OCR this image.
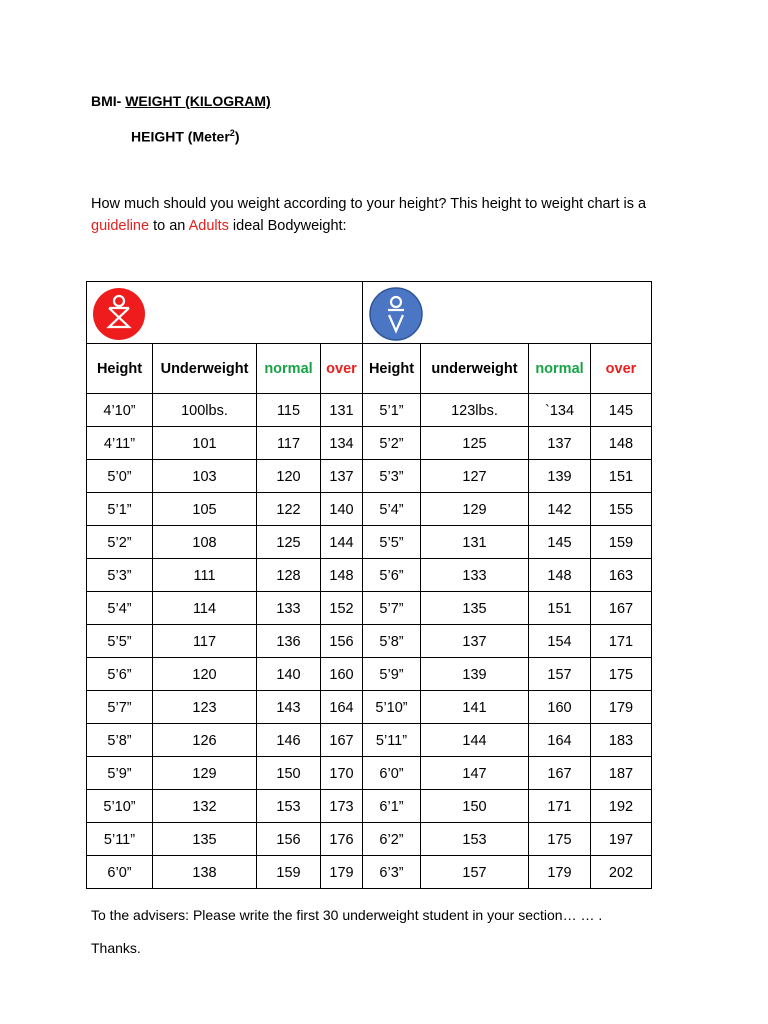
BMI- WEIGHT (KILOGRAM)
HEIGHT (Meter$^2$)
How much should you weight according to your height? This height to weight chart is a
guideline to an Adults ideal Bodyweight:

Height	Underweight	normal	over	Height	underweight	normal	over
4’10”	100lbs.	115	131	5’1”	123lbs.	`134	145
4’11”	101	117	134	5’2”	125	137	148
5’0”	103	120	137	5’3”	127	139	151
5’1”	105	122	140	5’4”	129	142	155
5’2”	108	125	144	5’5”	131	145	159
5’3”	111	128	148	5’6”	133	148	163
5’4”	114	133	152	5’7”	135	151	167
5’5”	117	136	156	5’8”	137	154	171
5’6”	120	140	160	5’9”	139	157	175
5’7”	123	143	164	5’10”	141	160	179
5’8”	126	146	167	5’11”	144	164	183
5’9”	129	150	170	6’0”	147	167	187
5’10”	132	153	173	6’1”	150	171	192
5’11”	135	156	176	6’2”	153	175	197
6’0”	138	159	179	6’3”	157	179	202
To the advisers: Please write the first 30 underweight student in your section… … .
Thanks.
